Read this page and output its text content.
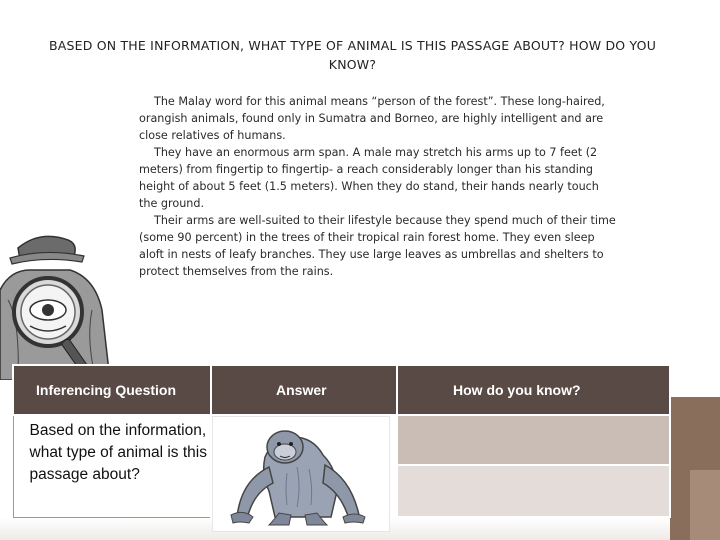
BASED ON THE INFORMATION, WHAT TYPE OF ANIMAL IS THIS PASSAGE ABOUT? HOW DO YOU KNOW?

The Malay word for this animal means “person of the forest”. These long-haired, orangish animals, found only in Sumatra and Borneo, are highly intelligent and are close relatives of humans.

They have an enormous arm span. A male may stretch his arms up to 7 feet (2 meters) from fingertip to fingertip- a reach considerably longer than his standing height of about 5 feet (1.5 meters). When they do stand, their hands nearly touch the ground.

Their arms are well-suited to their lifestyle because they spend much of their time (some 90 percent) in the trees of their tropical rain forest home. They even sleep aloft in nests of leafy branches. They use large leaves as umbrellas and shelters to protect themselves from the rains.

Inferencing Question	Answer	How do you know?
Based on the information, what type of animal is this passage about?	
